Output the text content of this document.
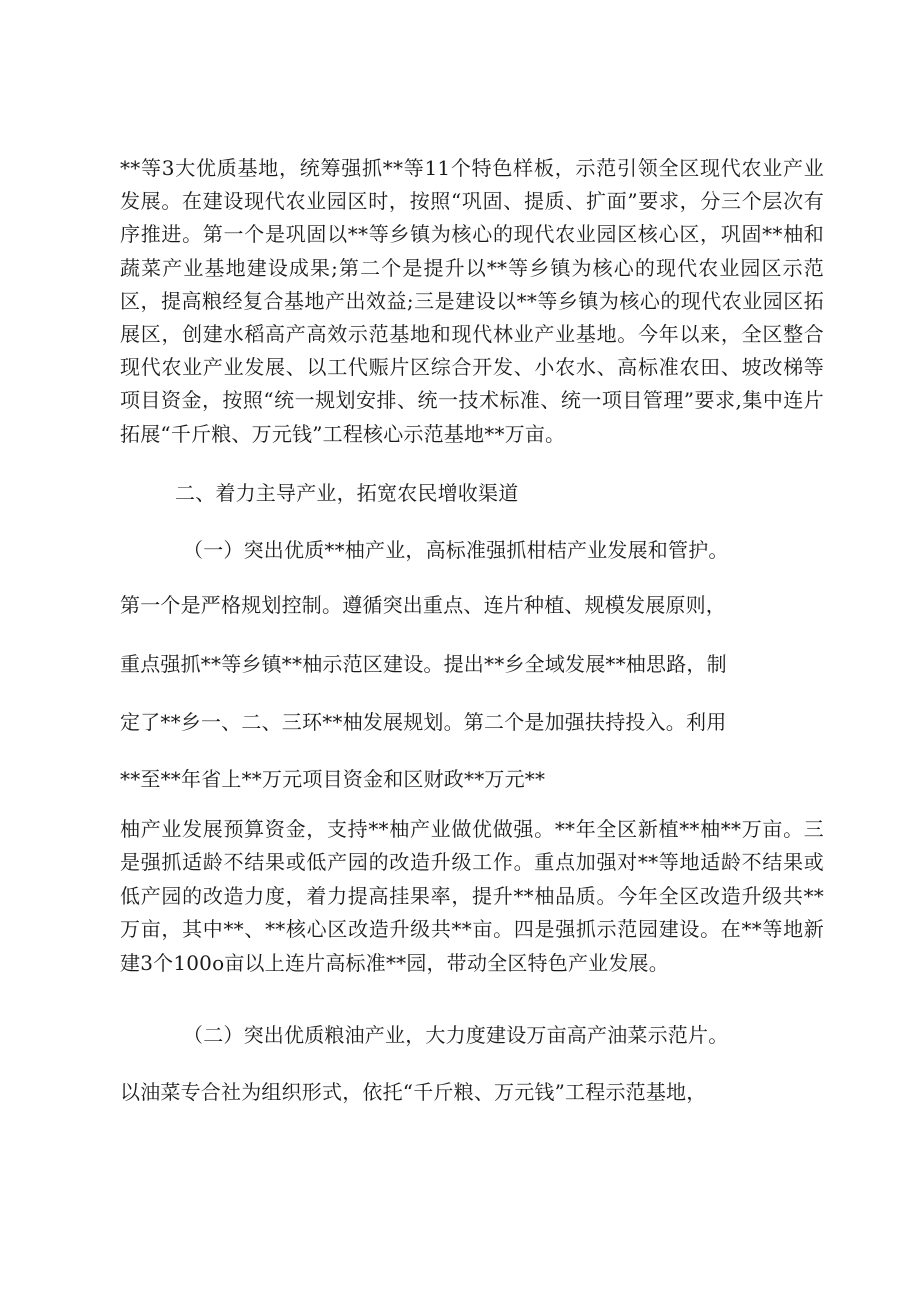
**等3大优质基地，统筹强抓**等11个特色样板，示范引领全区现代农业产业发展。在建设现代农业园区时，按照“巩固、提质、扩面”要求，分三个层次有序推进。第一个是巩固以**等乡镇为核心的现代农业园区核心区，巩固**柚和蔬菜产业基地建设成果;第二个是提升以**等乡镇为核心的现代农业园区示范区，提高粮经复合基地产出效益;三是建设以**等乡镇为核心的现代农业园区拓展区，创建水稻高产高效示范基地和现代林业产业基地。今年以来，全区整合现代农业产业发展、以工代赈片区综合开发、小农水、高标准农田、坡改梯等项目资金，按照“统一规划安排、统一技术标准、统一项目管理”要求,集中连片拓展“千斤粮、万元钱”工程核心示范基地**万亩。
二、着力主导产业，拓宽农民增收渠道
（一）突出优质**柚产业，高标准强抓柑桔产业发展和管护。
第一个是严格规划控制。遵循突出重点、连片种植、规模发展原则，
重点强抓**等乡镇**柚示范区建设。提出**乡全域发展**柚思路，制
定了**乡一、二、三环**柚发展规划。第二个是加强扶持投入。利用
**至**年省上**万元项目资金和区财政**万元**
柚产业发展预算资金，支持**柚产业做优做强。**年全区新植**柚**万亩。三是强抓适龄不结果或低产园的改造升级工作。重点加强对**等地适龄不结果或低产园的改造力度，着力提高挂果率，提升**柚品质。今年全区改造升级共**万亩，其中**、**核心区改造升级共**亩。四是强抓示范园建设。在**等地新建3个100o亩以上连片高标准**园，带动全区特色产业发展。
（二）突出优质粮油产业，大力度建设万亩高产油菜示范片。
以油菜专合社为组织形式，依托“千斤粮、万元钱”工程示范基地，
